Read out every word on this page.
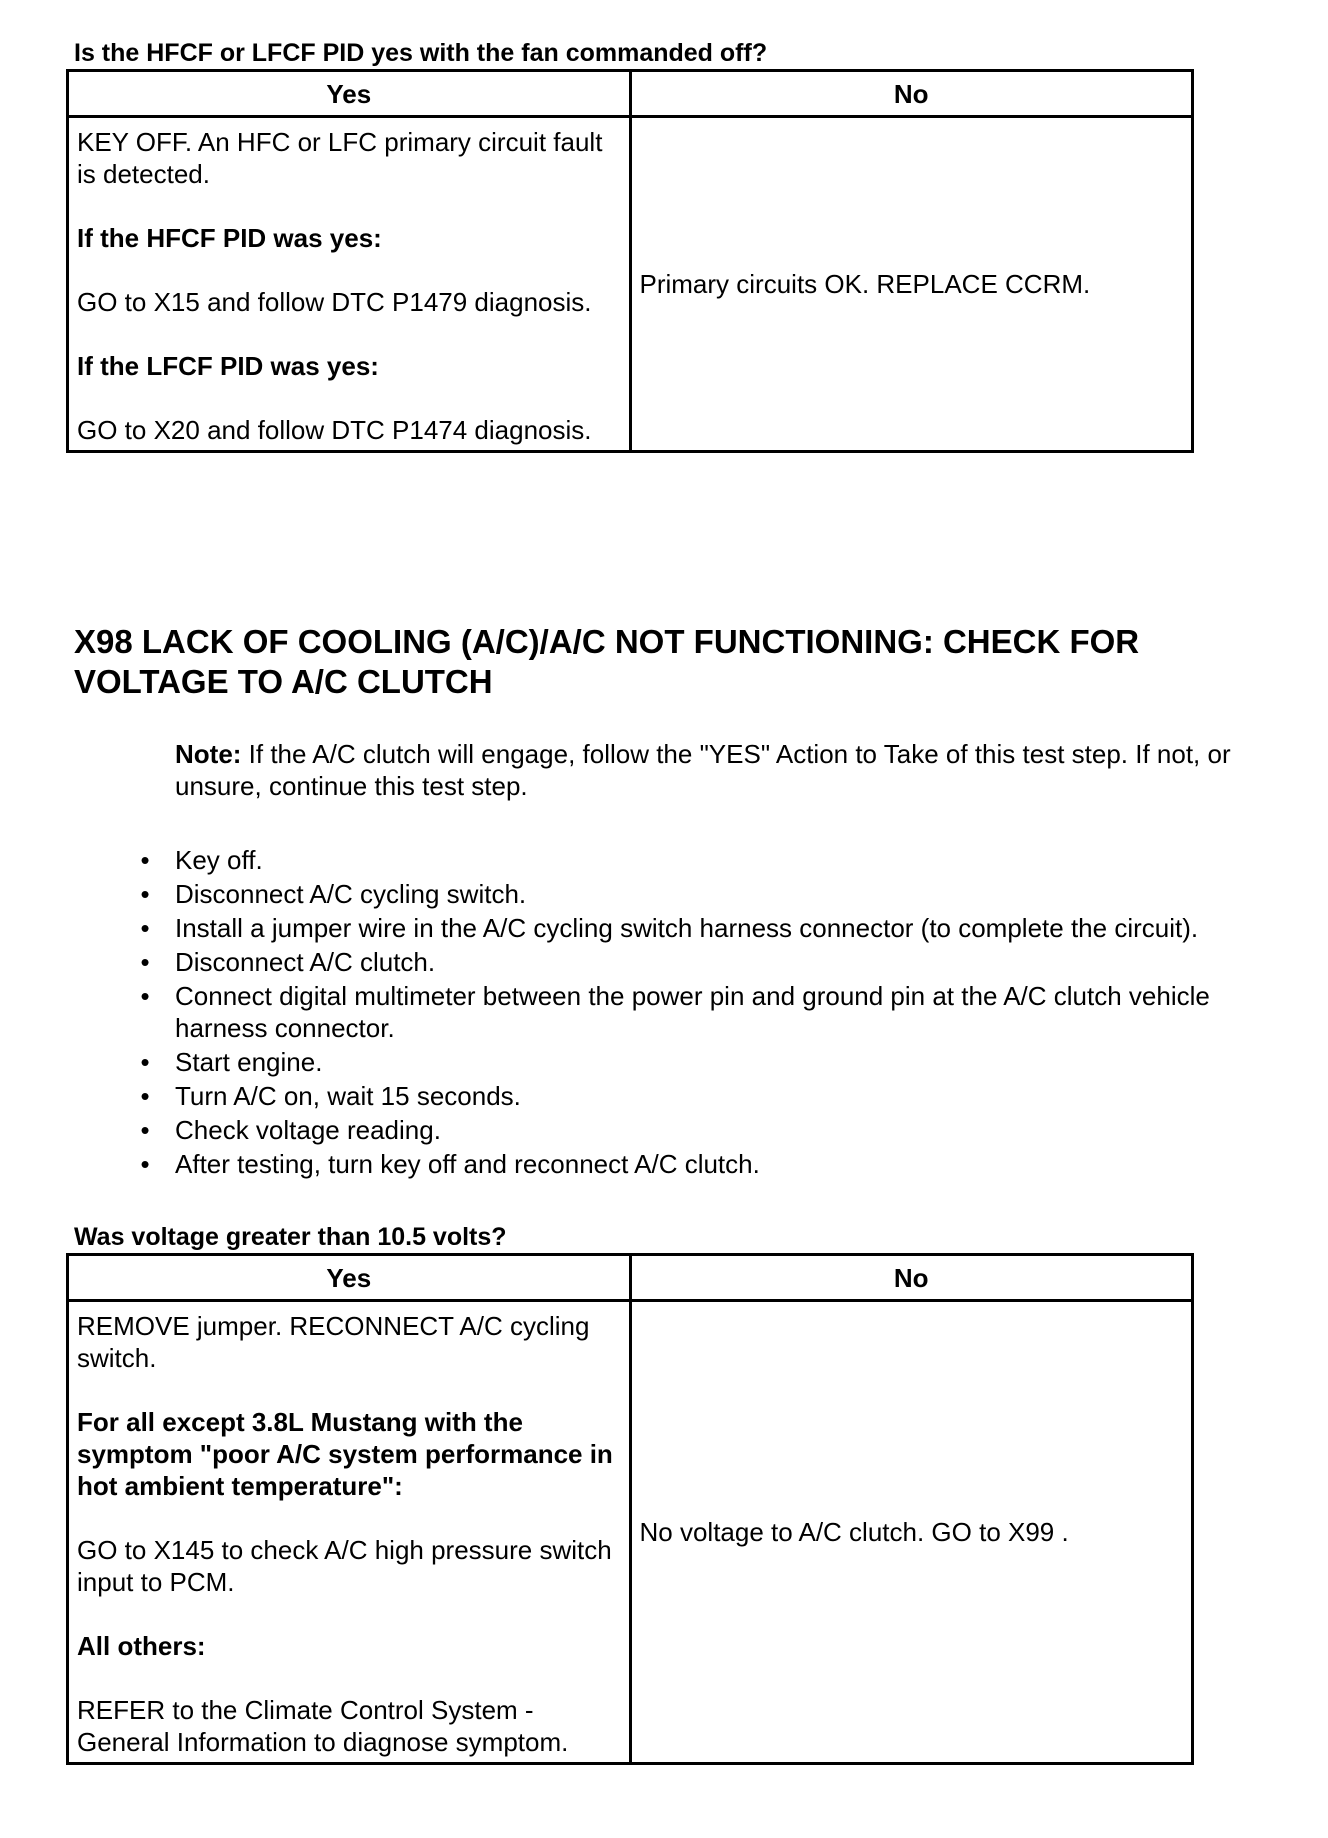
Is the HFCF or LFCF PID yes with the fan commanded off?
Yes	No

KEY OFF. An HFC or LFC primary circuit fault is detected.

If the HFCF PID was yes:

GO to X15 and follow DTC P1479 diagnosis.

If the LFCF PID was yes:

GO to X20 and follow DTC P1474 diagnosis.	Primary circuits OK. REPLACE CCRM.
X98 LACK OF COOLING (A/C)/A/C NOT FUNCTIONING: CHECK FOR VOLTAGE TO A/C CLUTCH

Note: If the A/C clutch will engage, follow the "YES" Action to Take of this test step. If not, or unsure, continue this test step.

• Key off.
• Disconnect A/C cycling switch.
• Install a jumper wire in the A/C cycling switch harness connector (to complete the circuit).
• Disconnect A/C clutch.
• Connect digital multimeter between the power pin and ground pin at the A/C clutch vehicle harness connector.
• Start engine.
• Turn A/C on, wait 15 seconds.
• Check voltage reading.
• After testing, turn key off and reconnect A/C clutch.
Was voltage greater than 10.5 volts?
Yes	No

REMOVE jumper. RECONNECT A/C cycling switch.

For all except 3.8L Mustang with the symptom "poor A/C system performance in hot ambient temperature":

GO to X145 to check A/C high pressure switch input to PCM.

All others:

REFER to the Climate Control System - General Information to diagnose symptom.	No voltage to A/C clutch. GO to X99 .
